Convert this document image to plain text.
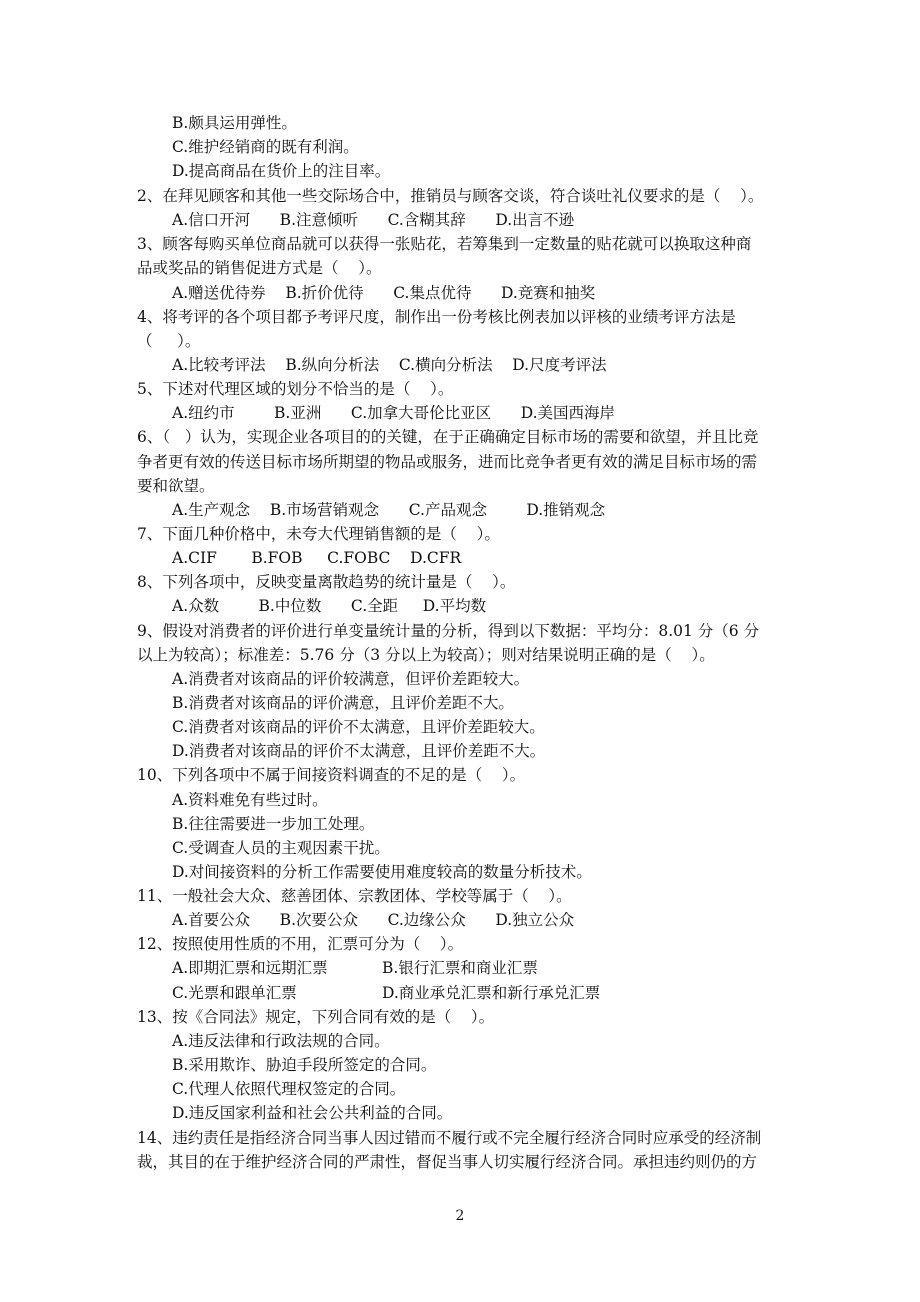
B.颇具运用弹性。
C.维护经销商的既有利润。
D.提高商品在货价上的注目率。
2、在拜见顾客和其他一些交际场合中，推销员与顾客交谈，符合谈吐礼仪要求的是（    ）。
A.信口开河      B.注意倾听      C.含糊其辞      D.出言不逊
3、顾客每购买单位商品就可以获得一张贴花，若筹集到一定数量的贴花就可以换取这种商
品或奖品的销售促进方式是（    ）。
A.赠送优待券    B.折价优待      C.集点优待      D.竞赛和抽奖
4、将考评的各个项目都予考评尺度，制作出一份考核比例表加以评核的业绩考评方法是
（     ）。
A.比较考评法    B.纵向分析法    C.横向分析法    D.尺度考评法
5、下述对代理区域的划分不恰当的是（    ）。
A.纽约市        B.亚洲      C.加拿大哥伦比亚区      D.美国西海岸
6、（   ）认为，实现企业各项目的的关键，在于正确确定目标市场的需要和欲望，并且比竞
争者更有效的传送目标市场所期望的物品或服务，进而比竞争者更有效的满足目标市场的需
要和欲望。
A.生产观念    B.市场营销观念      C.产品观念        D.推销观念
7、下面几种价格中，未夸大代理销售额的是（    ）。
A.CIF       B.FOB     C.FOBC    D.CFR
8、下列各项中，反映变量离散趋势的统计量是（    ）。
A.众数        B.中位数      C.全距     D.平均数
9、假设对消费者的评价进行单变量统计量的分析，得到以下数据：平均分：8.01 分（6 分
以上为较高）；标准差：5.76 分（3 分以上为较高）；则对结果说明正确的是（    ）。
A.消费者对该商品的评价较满意，但评价差距较大。
B.消费者对该商品的评价满意，且评价差距不大。
C.消费者对该商品的评价不太满意，且评价差距较大。
D.消费者对该商品的评价不太满意，且评价差距不大。
10、下列各项中不属于间接资料调查的不足的是（    ）。
A.资料难免有些过时。
B.往往需要进一步加工处理。
C.受调查人员的主观因素干扰。
D.对间接资料的分析工作需要使用难度较高的数量分析技术。
11、一般社会大众、慈善团体、宗教团体、学校等属于（    ）。
A.首要公众      B.次要公众      C.边缘公众      D.独立公众
12、按照使用性质的不用，汇票可分为（    ）。
A.即期汇票和远期汇票	B.银行汇票和商业汇票
C.光票和跟单汇票	D.商业承兑汇票和新行承兑汇票
13、按《合同法》规定，下列合同有效的是（    ）。
A.违反法律和行政法规的合同。
B.采用欺诈、胁迫手段所签定的合同。
C.代理人依照代理权签定的合同。
D.违反国家利益和社会公共利益的合同。
14、违约责任是指经济合同当事人因过错而不履行或不完全履行经济合同时应承受的经济制
裁，其目的在于维护经济合同的严肃性，督促当事人切实履行经济合同。承担违约则仍的方
2
